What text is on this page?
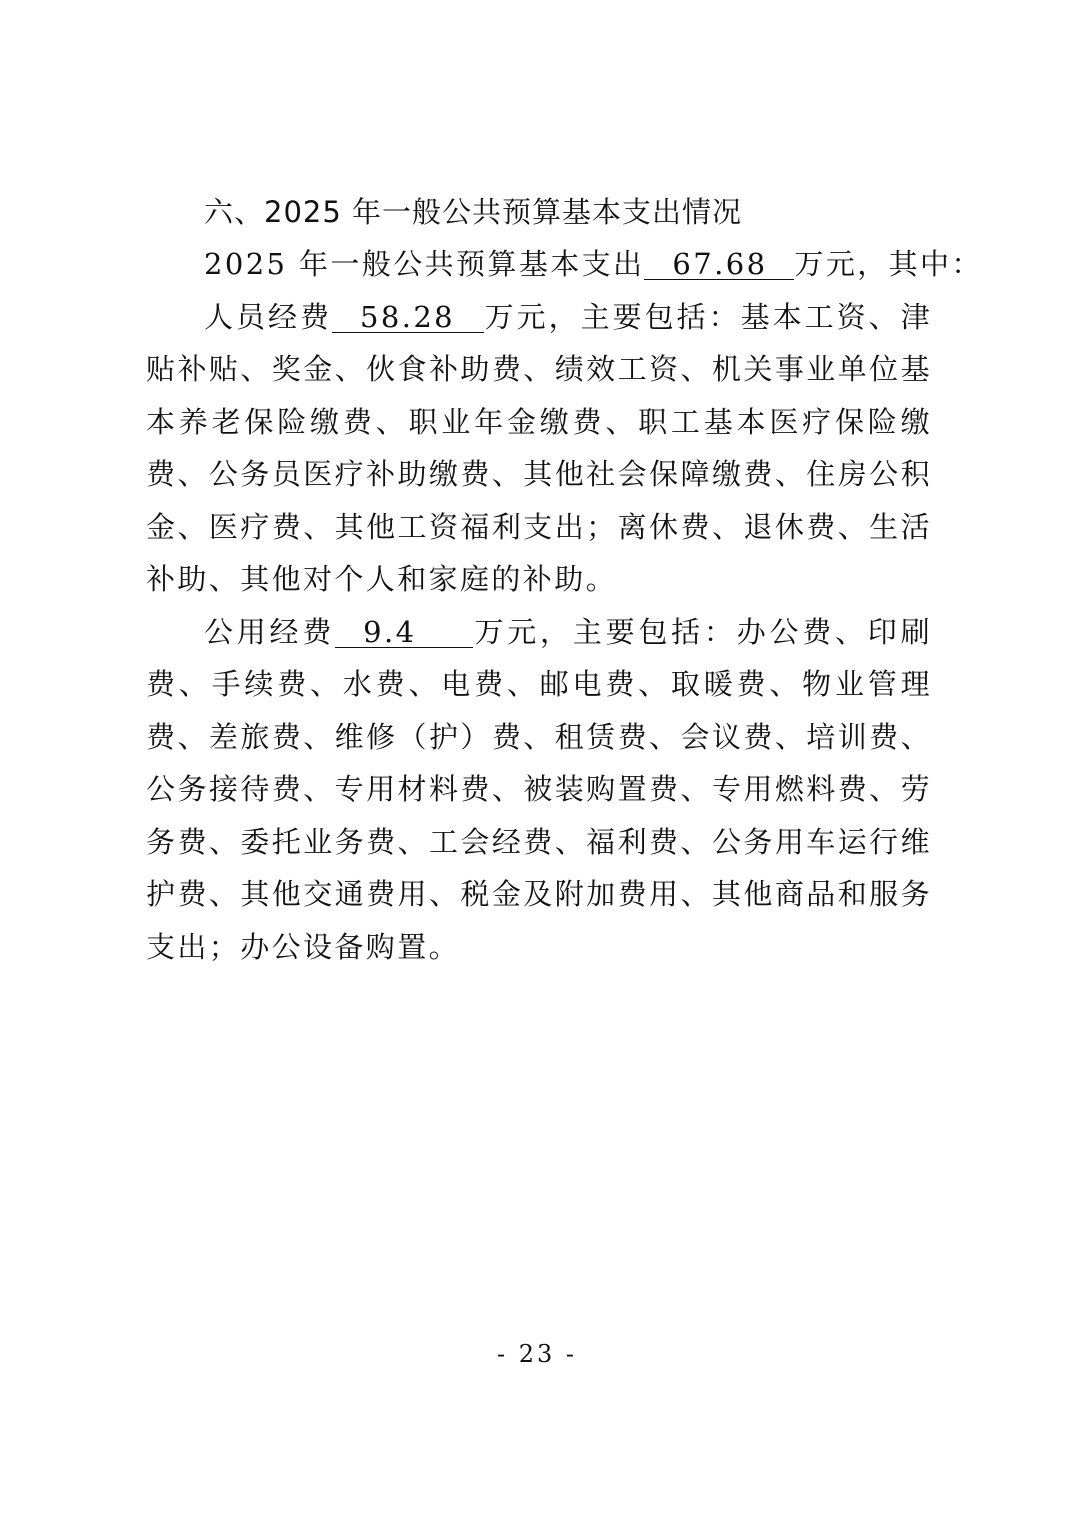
六、2025 年一般公共预算基本支出情况

2025 年一般公共预算基本支出 67.68 万元，其中：

人员经费 58.28 万元，主要包括：基本工资、津贴补贴、奖金、伙食补助费、绩效工资、机关事业单位基本养老保险缴费、职业年金缴费、职工基本医疗保险缴费、公务员医疗补助缴费、其他社会保障缴费、住房公积金、医疗费、其他工资福利支出；离休费、退休费、生活补助、其他对个人和家庭的补助。

公用经费 9.4 万元，主要包括：办公费、印刷费、手续费、水费、电费、邮电费、取暖费、物业管理费、差旅费、维修（护）费、租赁费、会议费、培训费、公务接待费、专用材料费、被装购置费、专用燃料费、劳务费、委托业务费、工会经费、福利费、公务用车运行维护费、其他交通费用、税金及附加费用、其他商品和服务支出；办公设备购置。

- 23 -
